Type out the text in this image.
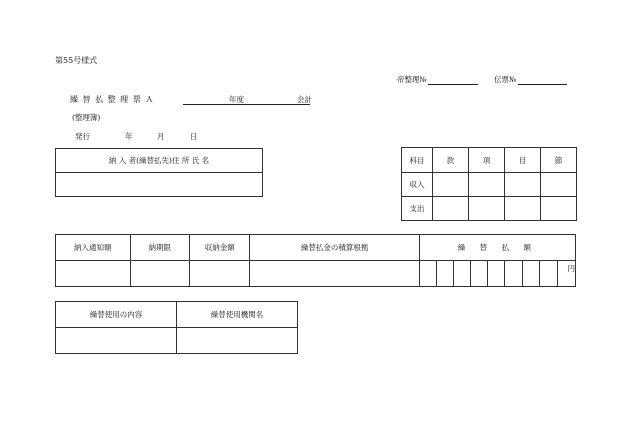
第55号様式
帝整理№	伝票№
繰 替 払 整 理 票 Ａ	年度	会計
(整理簿)
発行	年	月	日
納 入 者(繰替払先)住 所 氏 名	科目	款	項	目	節
収入				
支出				
納入通知額	納期限	収納金額	繰替払金の積算根拠	繰 替 払 額								
												円
繰替使用の内容	繰替使用機関名
